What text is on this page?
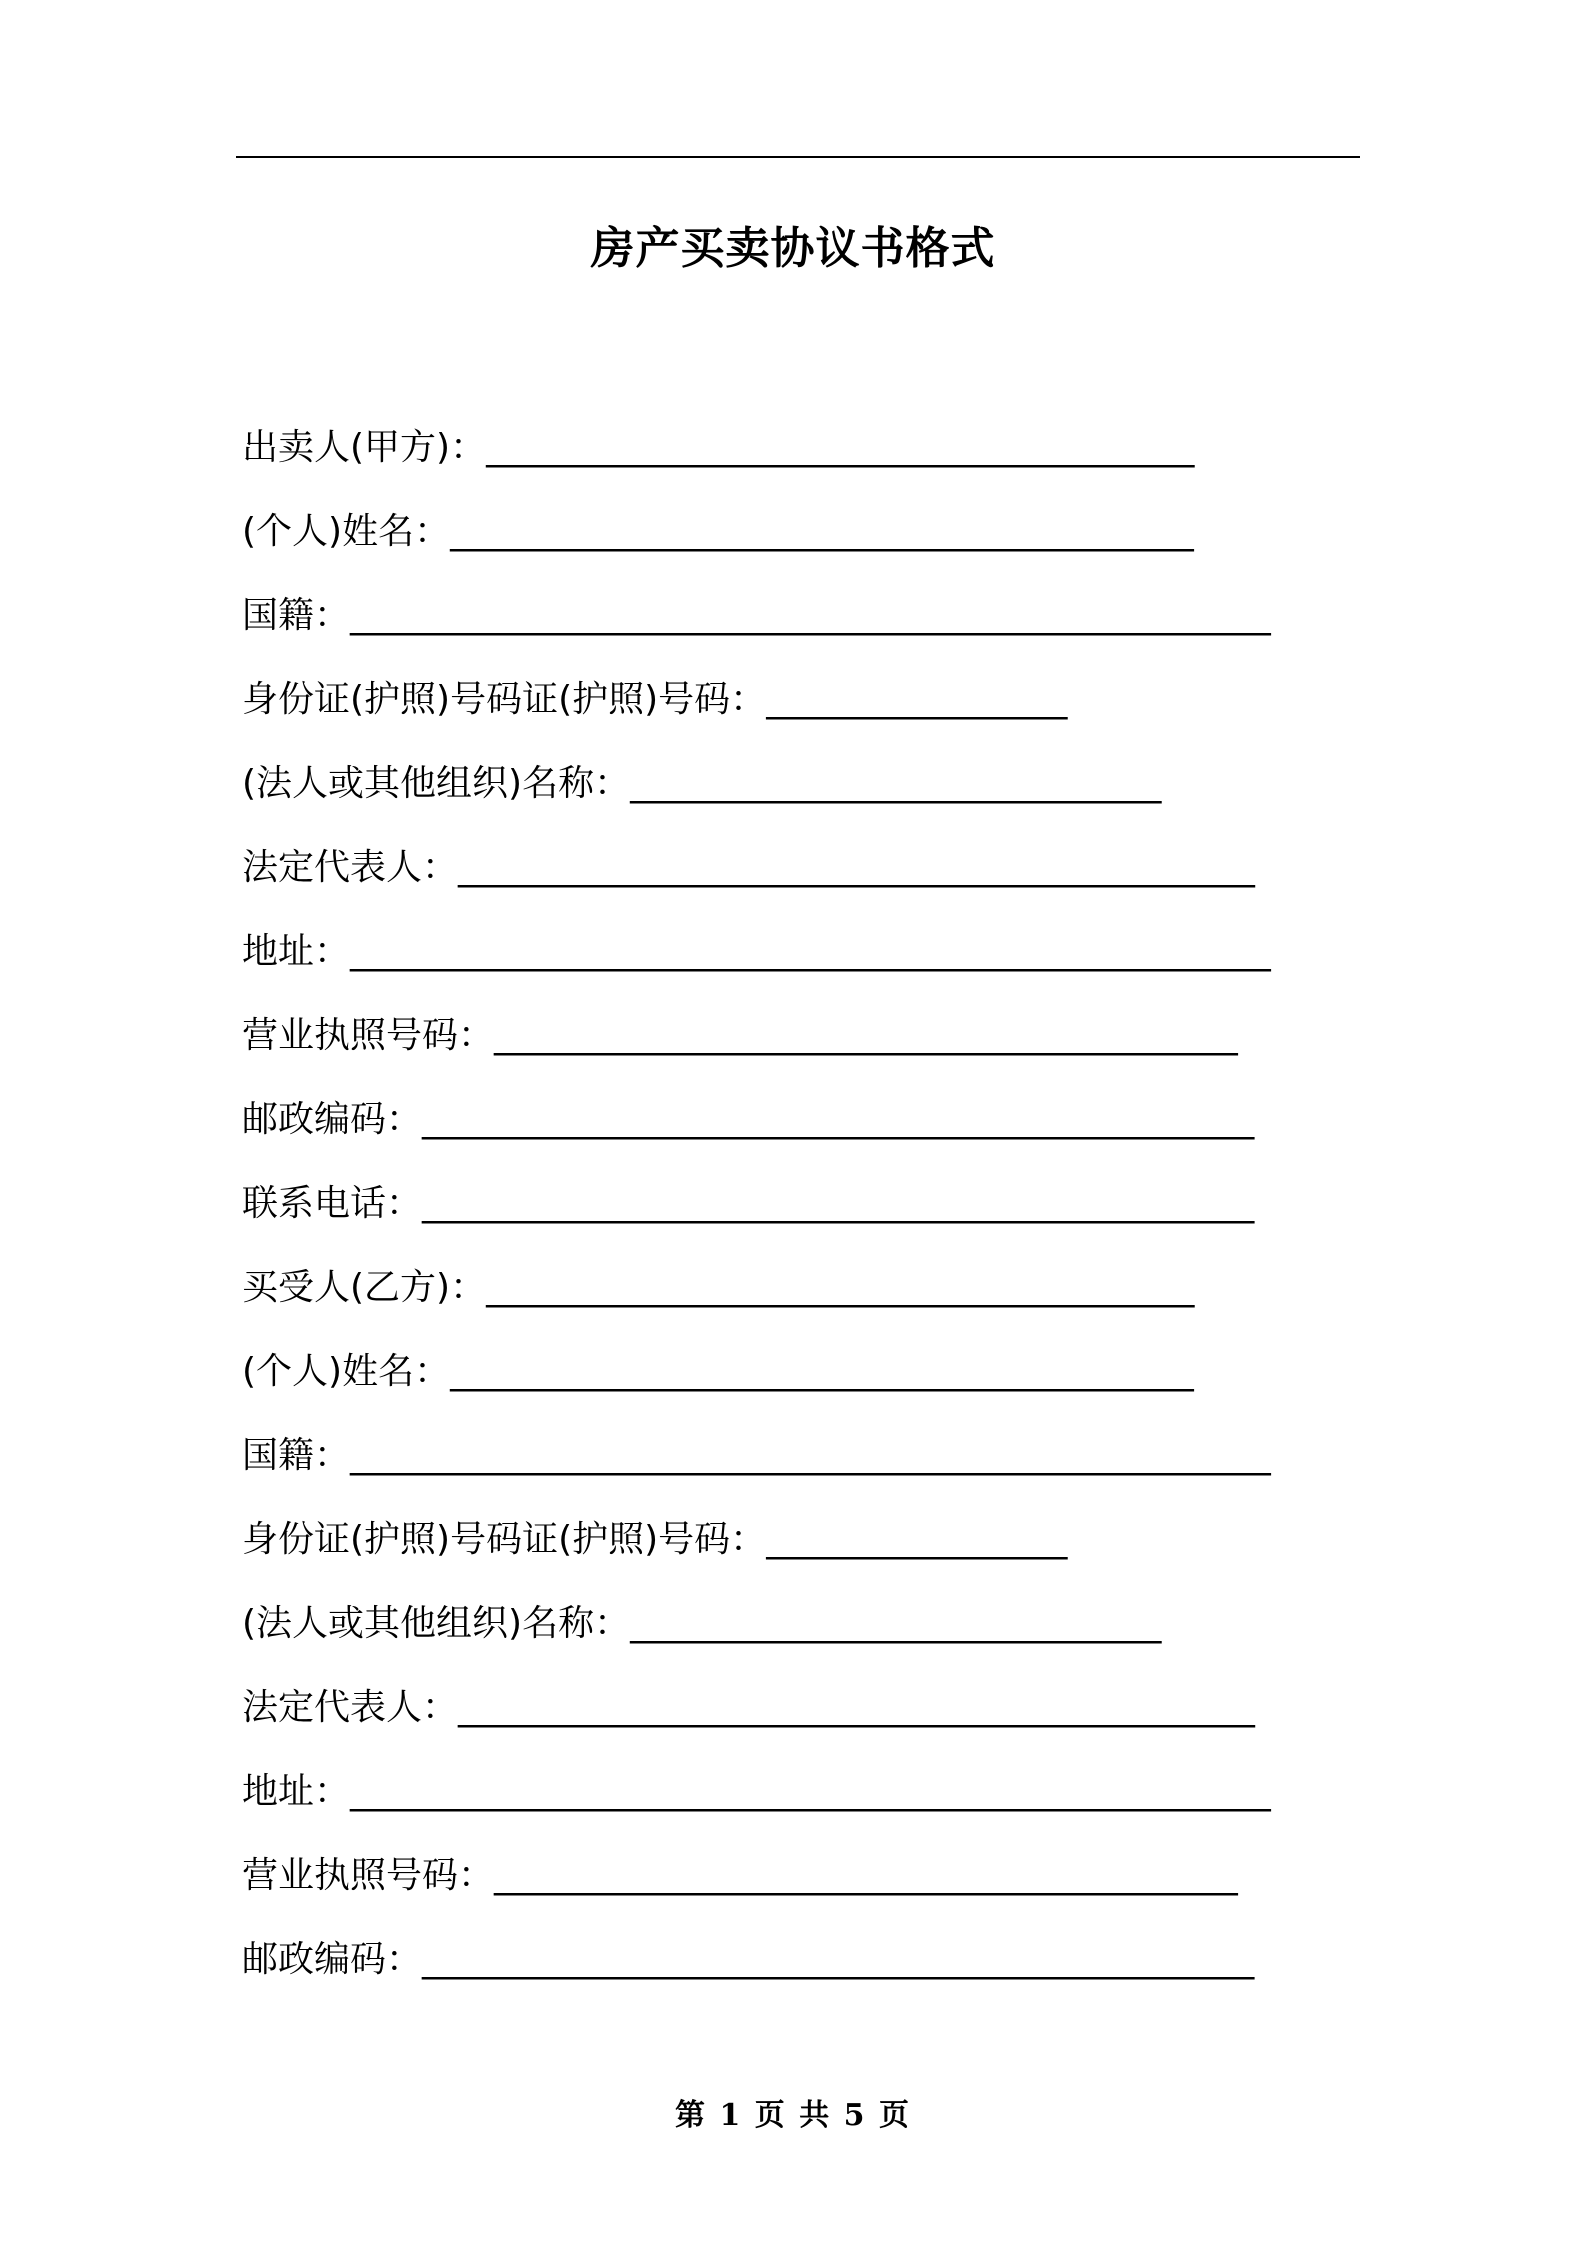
房产买卖协议书格式
出卖人(甲方)： ________________________________________
(个人)姓名： __________________________________________
国籍： ____________________________________________________
身份证(护照)号码证(护照)号码： _________________
(法人或其他组织)名称： ______________________________
法定代表人： _____________________________________________
地址： ____________________________________________________
营业执照号码： __________________________________________
邮政编码： _______________________________________________
联系电话： _______________________________________________
买受人(乙方)： ________________________________________
(个人)姓名： __________________________________________
国籍： ____________________________________________________
身份证(护照)号码证(护照)号码： _________________
(法人或其他组织)名称： ______________________________
法定代表人： _____________________________________________
地址： ____________________________________________________
营业执照号码： __________________________________________
邮政编码： _______________________________________________
第 1 页 共 5 页
